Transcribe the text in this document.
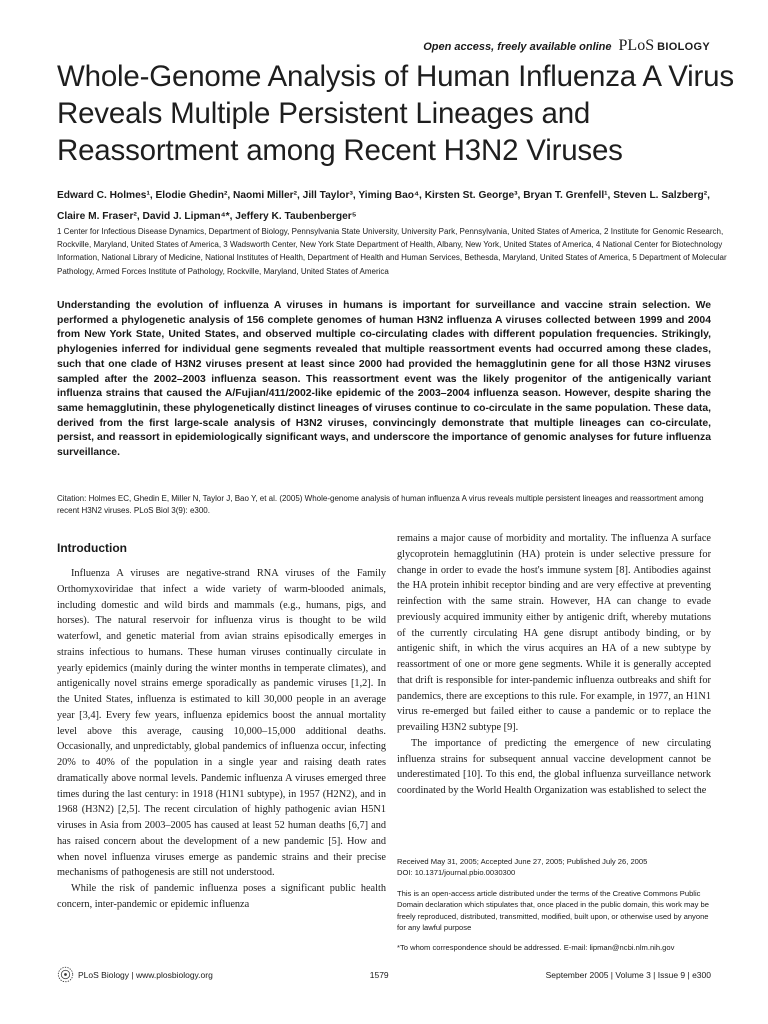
Open access, freely available online PLoS BIOLOGY
Whole-Genome Analysis of Human Influenza A Virus Reveals Multiple Persistent Lineages and Reassortment among Recent H3N2 Viruses
Edward C. Holmes¹, Elodie Ghedin², Naomi Miller², Jill Taylor³, Yiming Bao⁴, Kirsten St. George³, Bryan T. Grenfell¹, Steven L. Salzberg², Claire M. Fraser², David J. Lipman⁴*, Jeffery K. Taubenberger⁵
1 Center for Infectious Disease Dynamics, Department of Biology, Pennsylvania State University, University Park, Pennsylvania, United States of America, 2 Institute for Genomic Research, Rockville, Maryland, United States of America, 3 Wadsworth Center, New York State Department of Health, Albany, New York, United States of America, 4 National Center for Biotechnology Information, National Library of Medicine, National Institutes of Health, Department of Health and Human Services, Bethesda, Maryland, United States of America, 5 Department of Molecular Pathology, Armed Forces Institute of Pathology, Rockville, Maryland, United States of America
Understanding the evolution of influenza A viruses in humans is important for surveillance and vaccine strain selection. We performed a phylogenetic analysis of 156 complete genomes of human H3N2 influenza A viruses collected between 1999 and 2004 from New York State, United States, and observed multiple co-circulating clades with different population frequencies. Strikingly, phylogenies inferred for individual gene segments revealed that multiple reassortment events had occurred among these clades, such that one clade of H3N2 viruses present at least since 2000 had provided the hemagglutinin gene for all those H3N2 viruses sampled after the 2002–2003 influenza season. This reassortment event was the likely progenitor of the antigenically variant influenza strains that caused the A/Fujian/411/2002-like epidemic of the 2003–2004 influenza season. However, despite sharing the same hemagglutinin, these phylogenetically distinct lineages of viruses continue to co-circulate in the same population. These data, derived from the first large-scale analysis of H3N2 viruses, convincingly demonstrate that multiple lineages can co-circulate, persist, and reassort in epidemiologically significant ways, and underscore the importance of genomic analyses for future influenza surveillance.
Citation: Holmes EC, Ghedin E, Miller N, Taylor J, Bao Y, et al. (2005) Whole-genome analysis of human influenza A virus reveals multiple persistent lineages and reassortment among recent H3N2 viruses. PLoS Biol 3(9): e300.
Introduction

Influenza A viruses are negative-strand RNA viruses of the Family Orthomyxoviridae that infect a wide variety of warm-blooded animals, including domestic and wild birds and mammals (e.g., humans, pigs, and horses). The natural reservoir for influenza virus is thought to be wild waterfowl, and genetic material from avian strains episodically emerges in strains infectious to humans. These human viruses continually circulate in yearly epidemics (mainly during the winter months in temperate climates), and antigenically novel strains emerge sporadically as pandemic viruses [1,2]. In the United States, influenza is estimated to kill 30,000 people in an average year [3,4]. Every few years, influenza epidemics boost the annual mortality level above this average, causing 10,000–15,000 additional deaths. Occasionally, and unpredictably, global pandemics of influenza occur, infecting 20% to 40% of the population in a single year and raising death rates dramatically above normal levels. Pandemic influenza A viruses emerged three times during the last century: in 1918 (H1N1 subtype), in 1957 (H2N2), and in 1968 (H3N2) [2,5]. The recent circulation of highly pathogenic avian H5N1 viruses in Asia from 2003–2005 has caused at least 52 human deaths [6,7] and has raised concern about the development of a new pandemic [5]. How and when novel influenza viruses emerge as pandemic strains and their precise mechanisms of pathogenesis are still not understood.

While the risk of pandemic influenza poses a significant public health concern, inter-pandemic or epidemic influenza

remains a major cause of morbidity and mortality. The influenza A surface glycoprotein hemagglutinin (HA) protein is under selective pressure for change in order to evade the host's immune system [8]. Antibodies against the HA protein inhibit receptor binding and are very effective at preventing reinfection with the same strain. However, HA can change to evade previously acquired immunity either by antigenic drift, whereby mutations of the currently circulating HA gene disrupt antibody binding, or by antigenic shift, in which the virus acquires an HA of a new subtype by reassortment of one or more gene segments. While it is generally accepted that drift is responsible for inter-pandemic influenza outbreaks and shift for pandemics, there are exceptions to this rule. For example, in 1977, an H1N1 virus re-emerged but failed either to cause a pandemic or to replace the prevailing H3N2 subtype [9].

The importance of predicting the emergence of new circulating influenza strains for subsequent annual vaccine development cannot be underestimated [10]. To this end, the global influenza surveillance network coordinated by the World Health Organization was established to select the

Received May 31, 2005; Accepted June 27, 2005; Published July 26, 2005

DOI: 10.1371/journal.pbio.0030300

This is an open-access article distributed under the terms of the Creative Commons Public Domain declaration which stipulates that, once placed in the public domain, this work may be freely reproduced, distributed, transmitted, modified, built upon, or otherwise used by anyone for any lawful purpose

*To whom correspondence should be addressed. E-mail: lipman@ncbi.nlm.nih.gov

PLoS Biology | www.plosbiology.org	1579	September 2005 | Volume 3 | Issue 9 | e300
